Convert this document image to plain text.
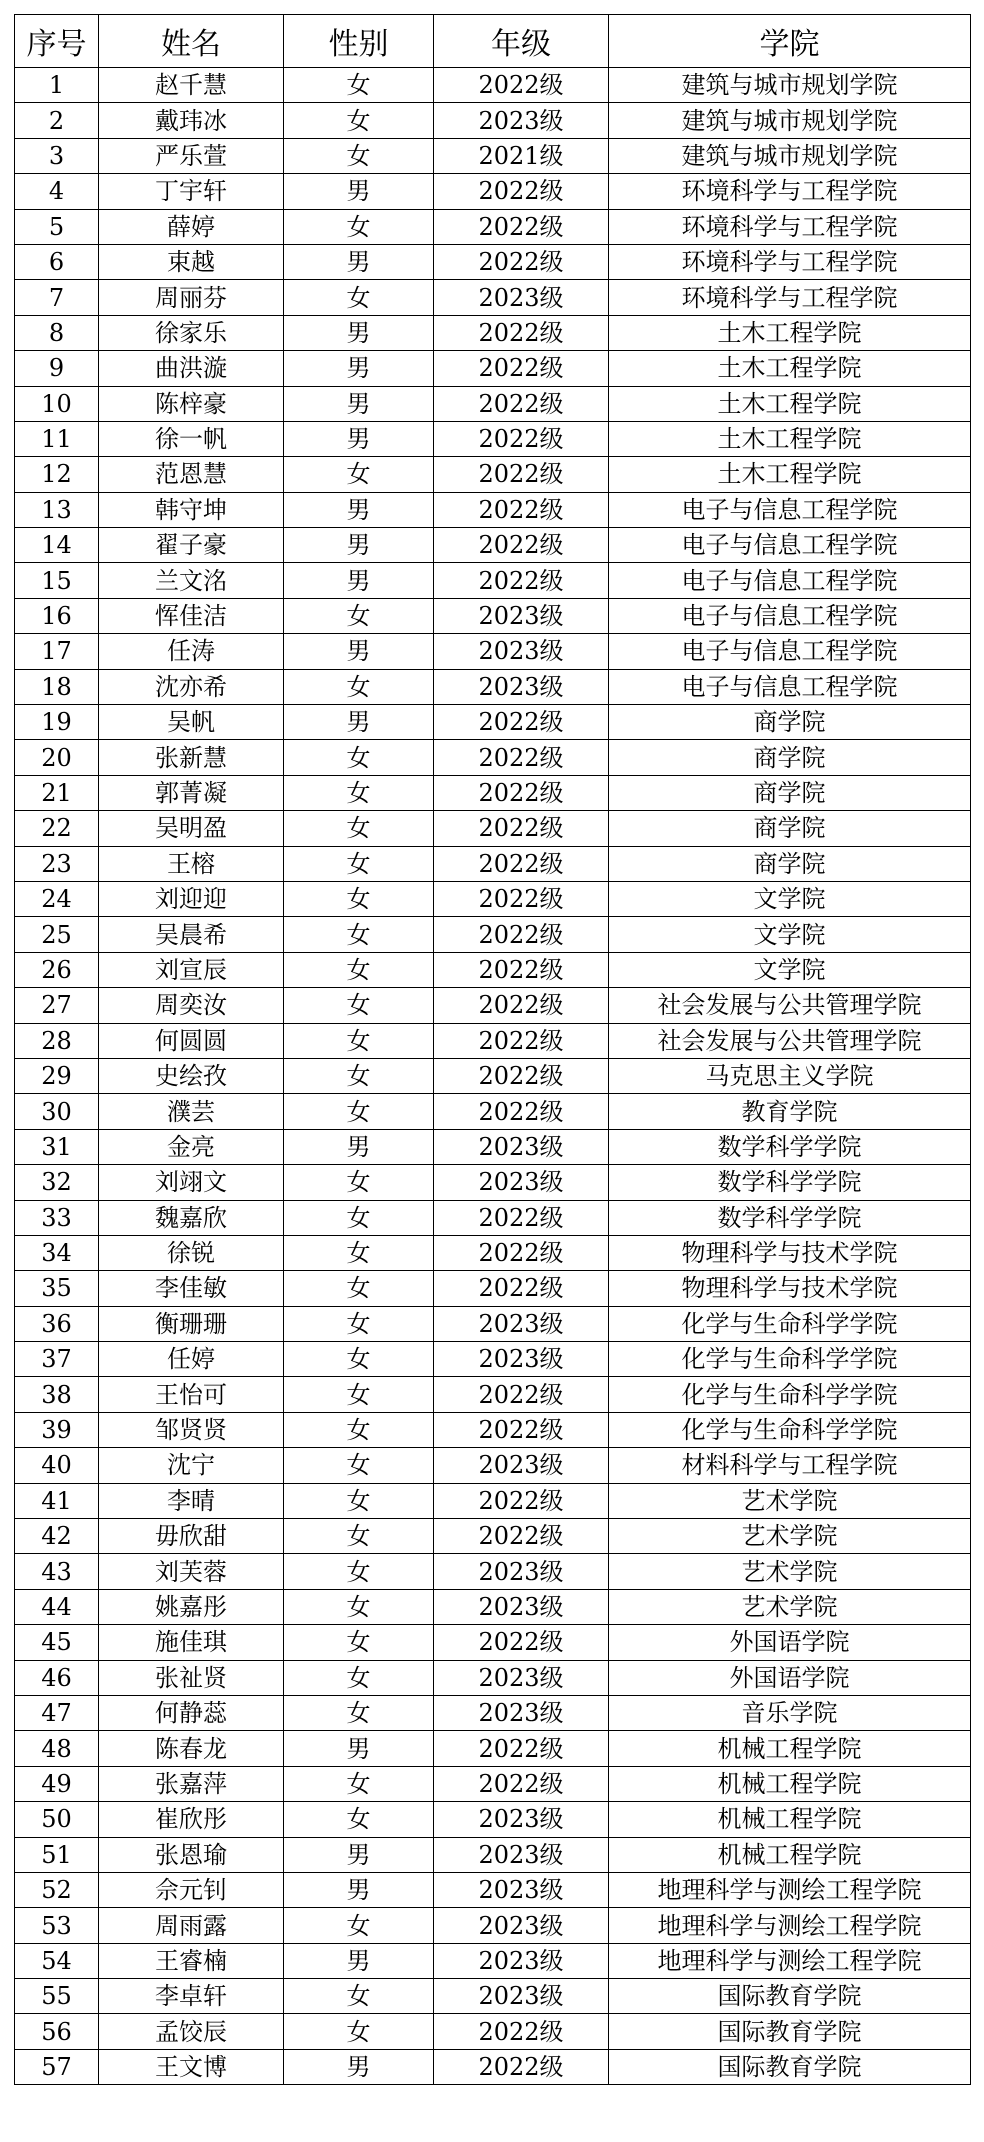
序号	姓名	性别	年级	学院
1	赵千慧	女	2022级	建筑与城市规划学院
2	戴玮冰	女	2023级	建筑与城市规划学院
3	严乐萱	女	2021级	建筑与城市规划学院
4	丁宇轩	男	2022级	环境科学与工程学院
5	薛婷	女	2022级	环境科学与工程学院
6	束越	男	2022级	环境科学与工程学院
7	周丽芬	女	2023级	环境科学与工程学院
8	徐家乐	男	2022级	土木工程学院
9	曲洪漩	男	2022级	土木工程学院
10	陈梓豪	男	2022级	土木工程学院
11	徐一帆	男	2022级	土木工程学院
12	范恩慧	女	2022级	土木工程学院
13	韩守坤	男	2022级	电子与信息工程学院
14	翟子豪	男	2022级	电子与信息工程学院
15	兰文洺	男	2022级	电子与信息工程学院
16	恽佳洁	女	2023级	电子与信息工程学院
17	任涛	男	2023级	电子与信息工程学院
18	沈亦希	女	2023级	电子与信息工程学院
19	吴帆	男	2022级	商学院
20	张新慧	女	2022级	商学院
21	郭菁凝	女	2022级	商学院
22	吴明盈	女	2022级	商学院
23	王榕	女	2022级	商学院
24	刘迎迎	女	2022级	文学院
25	吴晨希	女	2022级	文学院
26	刘宣辰	女	2022级	文学院
27	周奕汝	女	2022级	社会发展与公共管理学院
28	何圆圆	女	2022级	社会发展与公共管理学院
29	史绘孜	女	2022级	马克思主义学院
30	濮芸	女	2022级	教育学院
31	金亮	男	2023级	数学科学学院
32	刘翊文	女	2023级	数学科学学院
33	魏嘉欣	女	2022级	数学科学学院
34	徐锐	女	2022级	物理科学与技术学院
35	李佳敏	女	2022级	物理科学与技术学院
36	衡珊珊	女	2023级	化学与生命科学学院
37	任婷	女	2023级	化学与生命科学学院
38	王怡可	女	2022级	化学与生命科学学院
39	邹贤贤	女	2022级	化学与生命科学学院
40	沈宁	女	2023级	材料科学与工程学院
41	李晴	女	2022级	艺术学院
42	毋欣甜	女	2022级	艺术学院
43	刘芙蓉	女	2023级	艺术学院
44	姚嘉彤	女	2023级	艺术学院
45	施佳琪	女	2022级	外国语学院
46	张祉贤	女	2023级	外国语学院
47	何静蕊	女	2023级	音乐学院
48	陈春龙	男	2022级	机械工程学院
49	张嘉萍	女	2022级	机械工程学院
50	崔欣彤	女	2023级	机械工程学院
51	张恩瑜	男	2023级	机械工程学院
52	佘元钊	男	2023级	地理科学与测绘工程学院
53	周雨露	女	2023级	地理科学与测绘工程学院
54	王睿楠	男	2023级	地理科学与测绘工程学院
55	李卓轩	女	2023级	国际教育学院
56	孟饺辰	女	2022级	国际教育学院
57	王文博	男	2022级	国际教育学院
